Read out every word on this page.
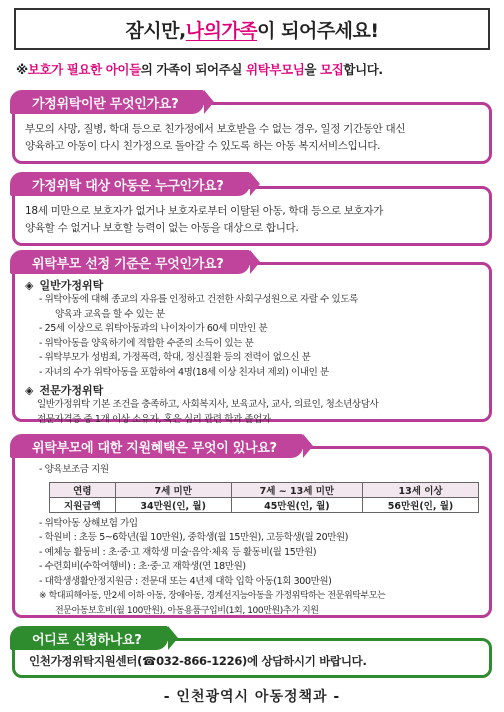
잠시만, 나의 가족 이 되어주세요!
※보호가 필요한 아이들의 가족이 되어주실 위탁부모님을 모집합니다.
부모의 사망, 질병, 학대 등으로 친가정에서 보호받을 수 없는 경우, 일정 기간동안 대신
양육하고 아동이 다시 친가정으로 돌아갈 수 있도록 하는 아동 복지서비스입니다.
가정위탁이란 무엇인가요?
18세 미만으로 보호자가 없거나 보호자로부터 이탈된 아동, 학대 등으로 보호자가
양육할 수 없거나 보호할 능력이 없는 아동을 대상으로 합니다.
가정위탁 대상 아동은 누구인가요?
◈ 일반가정위탁
- 위탁아동에 대해 종교의 자유를 인정하고 건전한 사회구성원으로 자랄 수 있도록
양육과 교육을 할 수 있는 분
- 25세 이상으로 위탁아동과의 나이차이가 60세 미만인 분
- 위탁아동을 양육하기에 적합한 수준의 소득이 있는 분
- 위탁부모가 성범죄, 가정폭력, 학대, 정신질환 등의 전력이 없으신 분
- 자녀의 수가 위탁아동을 포함하여 4명(18세 이상 친자녀 제외) 이내인 분
◈ 전문가정위탁
일반가정위탁 기본 조건을 충족하고, 사회복지사, 보육교사, 교사, 의료인, 청소년상담사
전문자격증 중 1개 이상 소유자, 혹은 심리 관련 학과 졸업자
위탁부모 선정 기준은 무엇인가요?
- 양육보조금 지원
연령	7세 미만	7세 ~ 13세 미만	13세 이상
지원금액	34만원(인, 월)	45만원(인, 월)	56만원(인, 월)
- 위탁아동 상해보험 가입
- 학원비 : 초등 5~6학년(월 10만원), 중학생(월 15만원), 고등학생(월 20만원)
- 예체능 활동비 : 초·중·고 재학생 미술·음악·체육 등 활동비(월 15만원)
- 수련회비(수학여행비) : 초·중·고 재학생(연 18만원)
- 대학생생활안정지원금 : 전문대 또는 4년제 대학 입학 아동(1회 300만원)
※ 학대피해아동, 만2세 이하 아동, 장애아동, 경계선지능아동을 가정위탁하는 전문위탁부모는
전문아동보호비(월 100만원), 아동용품구입비(1회, 100만원)추가 지원
위탁부모에 대한 지원혜택은 무엇이 있나요?
인천가정위탁지원센터(☎032-866-1226)에 상담하시기 바랍니다.
어디로 신청하나요?
- 인천광역시 아동정책과 -
